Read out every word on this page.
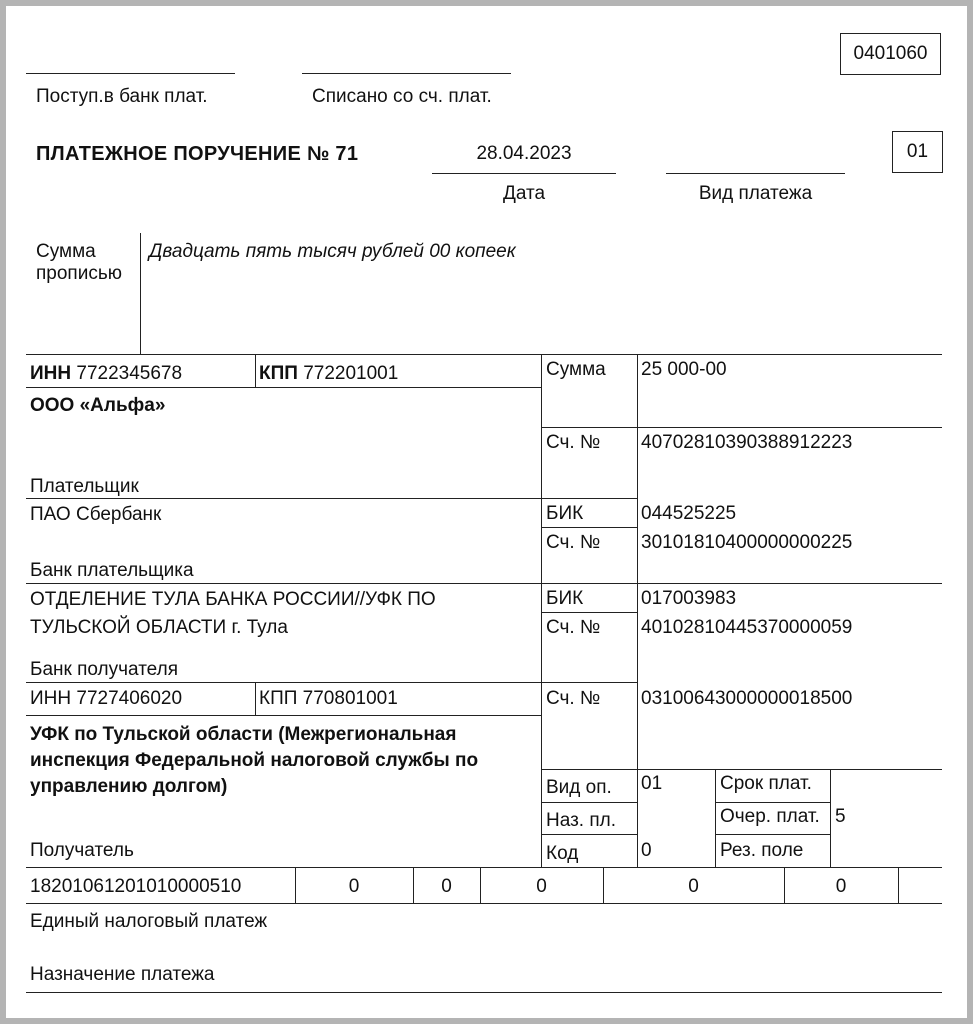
0401060
Поступ.в банк плат.	Списано со сч. плат.
ПЛАТЕЖНОЕ ПОРУЧЕНИЕ № 71	28.04.2023
Дата	Вид платежа
01
Сумма прописью
Двадцать пять тысяч рублей 00 копеек
ИНН 7722345678	КПП 772201001
ООО «Альфа»
Плательщик
Сумма 25 000-00
Сч. № 40702810390388912223
ПАО Сбербанк
Банк плательщика
БИК	044525225
Сч. № 30101810400000000225
ОТДЕЛЕНИЕ ТУЛА БАНКА РОССИИ//УФК ПО
ТУЛЬСКОЙ ОБЛАСТИ г. Тула
Банк получателя
БИК	017003983
Сч. № 40102810445370000059
ИНН 7727406020	КПП 770801001
УФК по Тульской области (Межрегиональная инспекция Федеральной налоговой службы по управлению долгом)
Получатель
Сч. № 03100643000000018500
Вид оп. 01
Наз. пл.
Код	0
Срок плат.
Очер. плат. 5
Рез. поле
18201061201010000510	0	0	0	0	0
Единый налоговый платеж
Назначение платежа
